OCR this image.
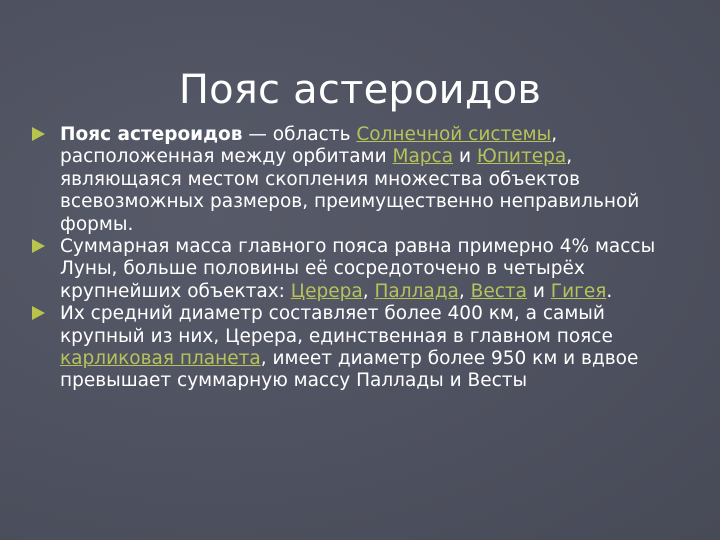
Пояс астероидов
Пояс астероидов — область Солнечной системы, расположенная между орбитами Марса и Юпитера, являющаяся местом скопления множества объектов всевозможных размеров, преимущественно неправильной формы.
Суммарная масса главного пояса равна примерно 4% массы Луны, больше половины её сосредоточено в четырёх крупнейших объектах: Церера, Паллада, Веста и Гигея.
Их средний диаметр составляет более 400 км, а самый крупный из них, Церера, единственная в главном поясе карликовая планета, имеет диаметр более 950 км и вдвое превышает суммарную массу Паллады и Весты
